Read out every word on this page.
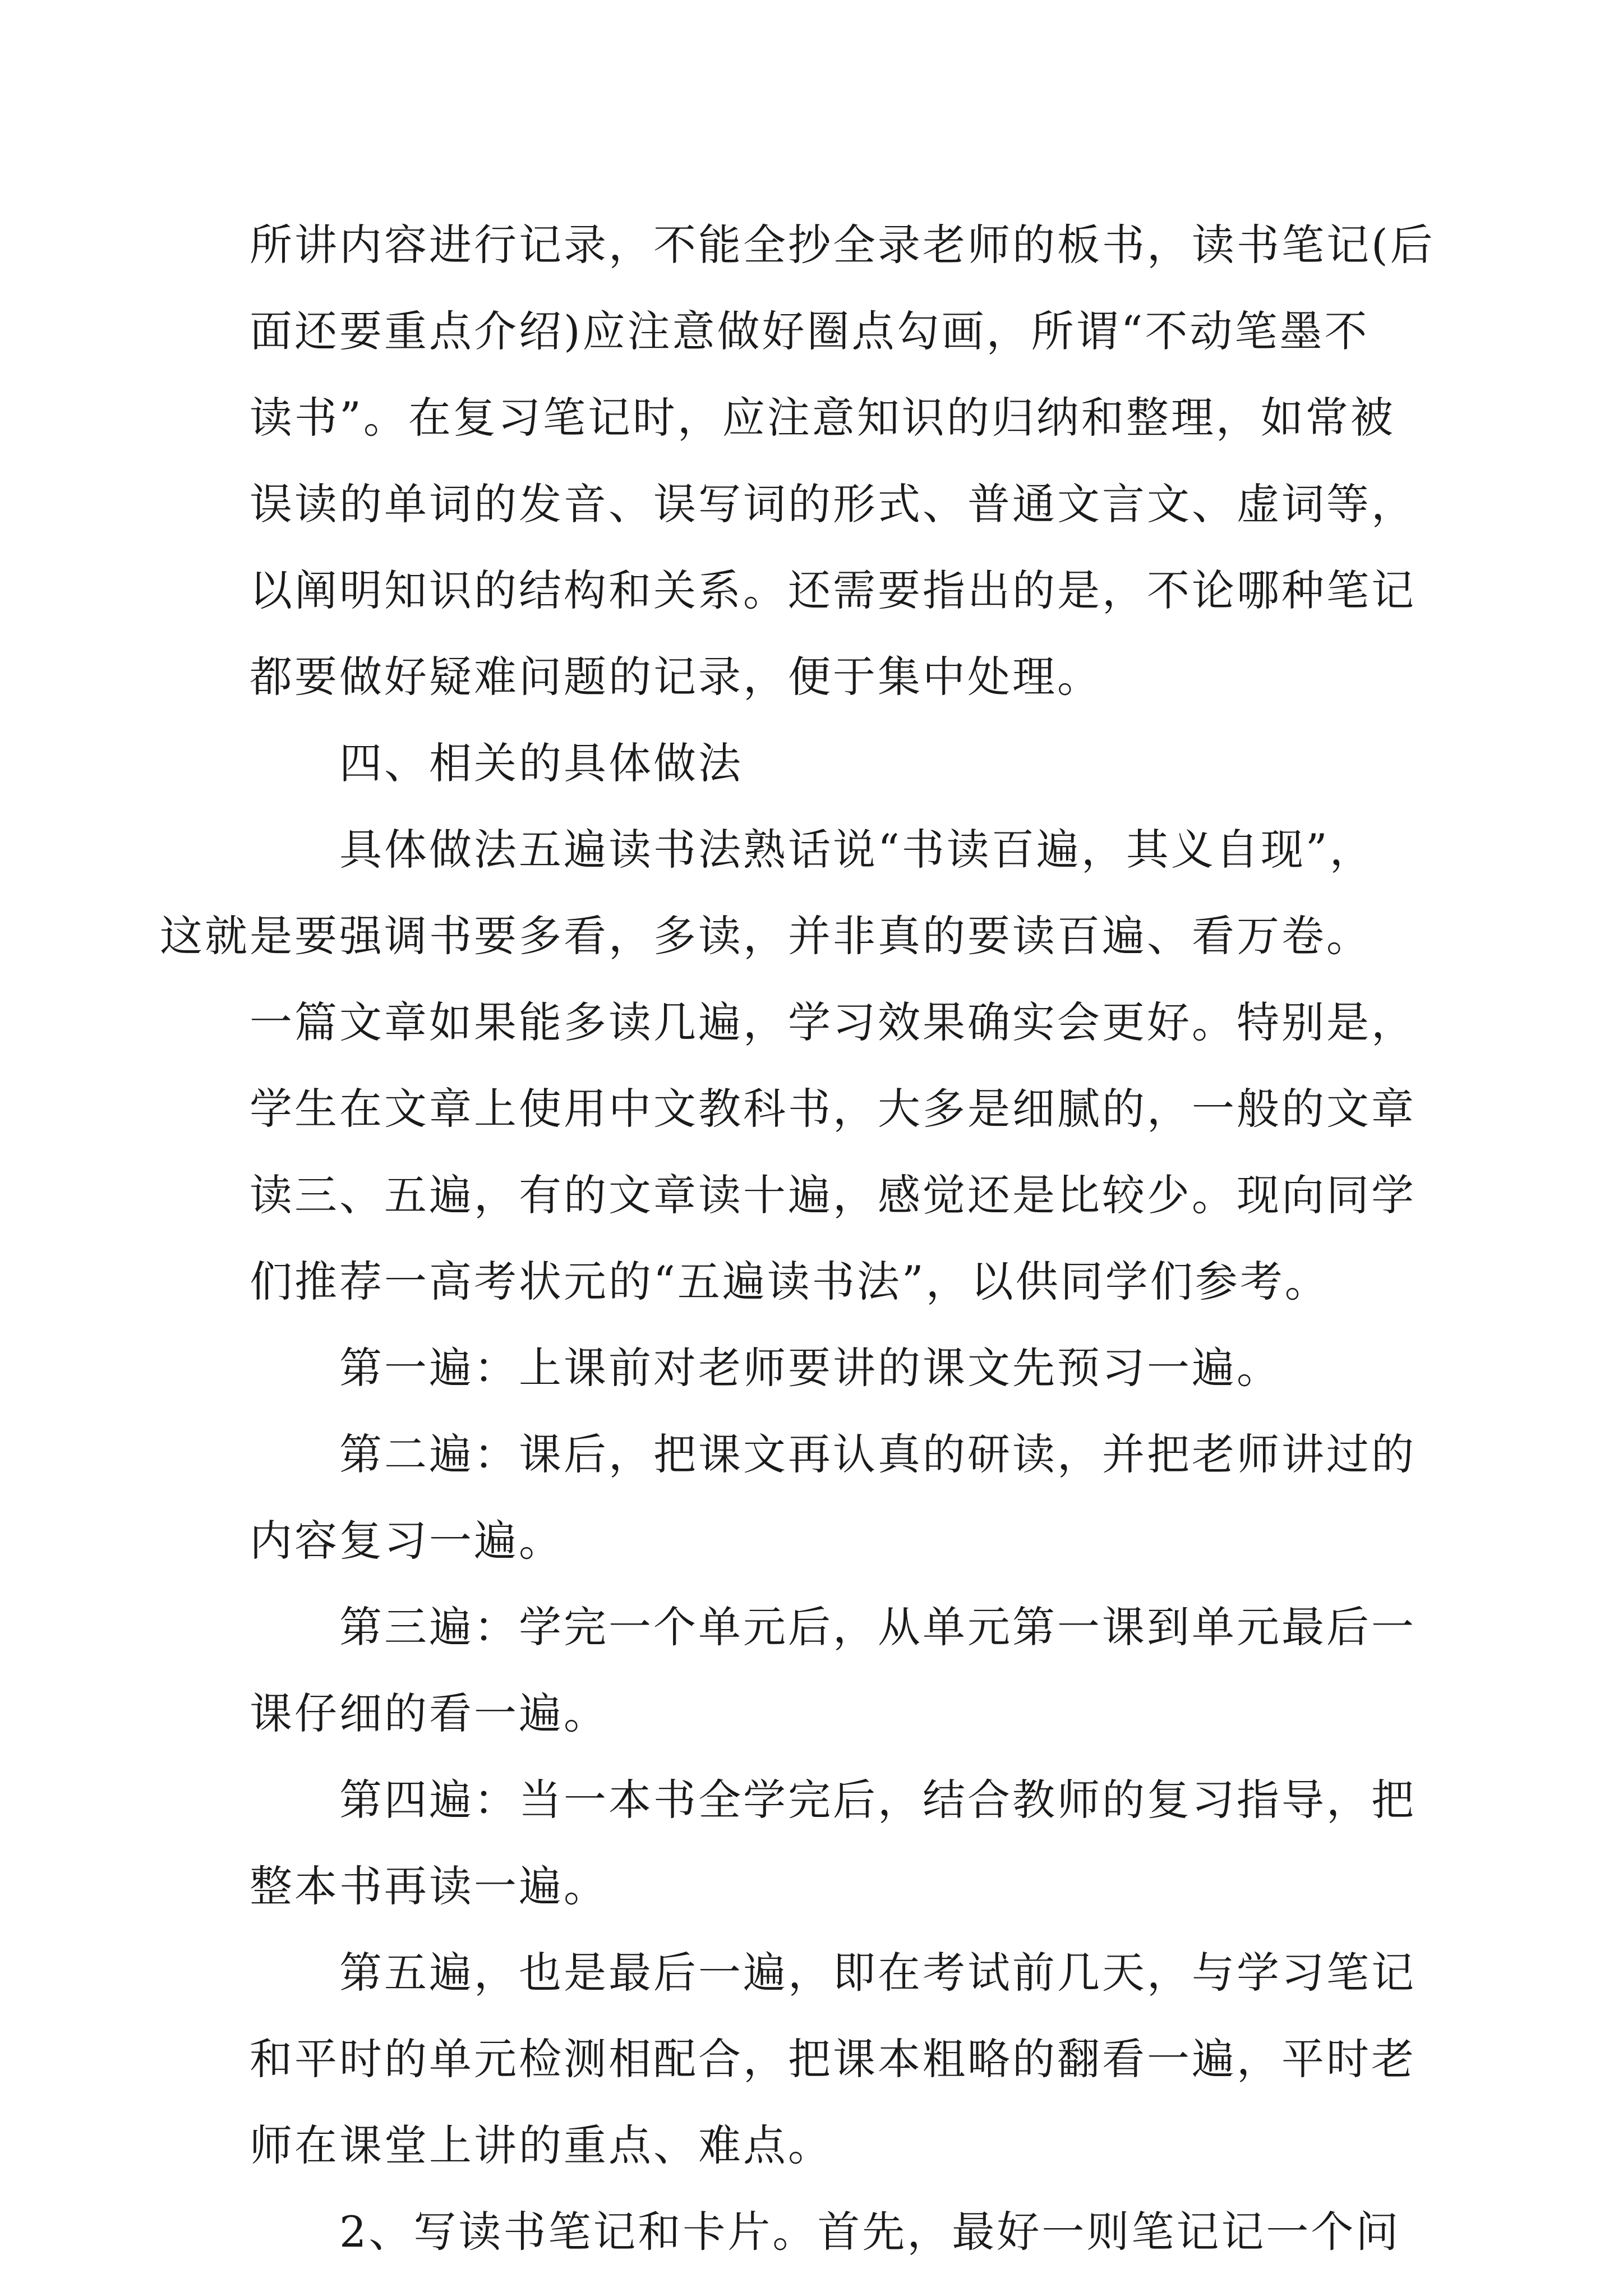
所讲内容进行记录，不能全抄全录老师的板书，读书笔记(后
面还要重点介绍)应注意做好圈点勾画，所谓“不动笔墨不
读书”。在复习笔记时，应注意知识的归纳和整理，如常被
误读的单词的发音、误写词的形式、普通文言文、虚词等，
以阐明知识的结构和关系。还需要指出的是，不论哪种笔记
都要做好疑难问题的记录，便于集中处理。

四、相关的具体做法

具体做法五遍读书法熟话说“书读百遍，其义自现”，
这就是要强调书要多看，多读，并非真的要读百遍、看万卷。
一篇文章如果能多读几遍，学习效果确实会更好。特别是，
学生在文章上使用中文教科书，大多是细腻的，一般的文章
读三、五遍，有的文章读十遍，感觉还是比较少。现向同学
们推荐一高考状元的“五遍读书法”，以供同学们参考。

第一遍：上课前对老师要讲的课文先预习一遍。

第二遍：课后，把课文再认真的研读，并把老师讲过的
内容复习一遍。

第三遍：学完一个单元后，从单元第一课到单元最后一
课仔细的看一遍。

第四遍：当一本书全学完后，结合教师的复习指导，把
整本书再读一遍。

第五遍，也是最后一遍，即在考试前几天，与学习笔记
和平时的单元检测相配合，把课本粗略的翻看一遍，平时老
师在课堂上讲的重点、难点。

2、写读书笔记和卡片。首先，最好一则笔记记一个问
